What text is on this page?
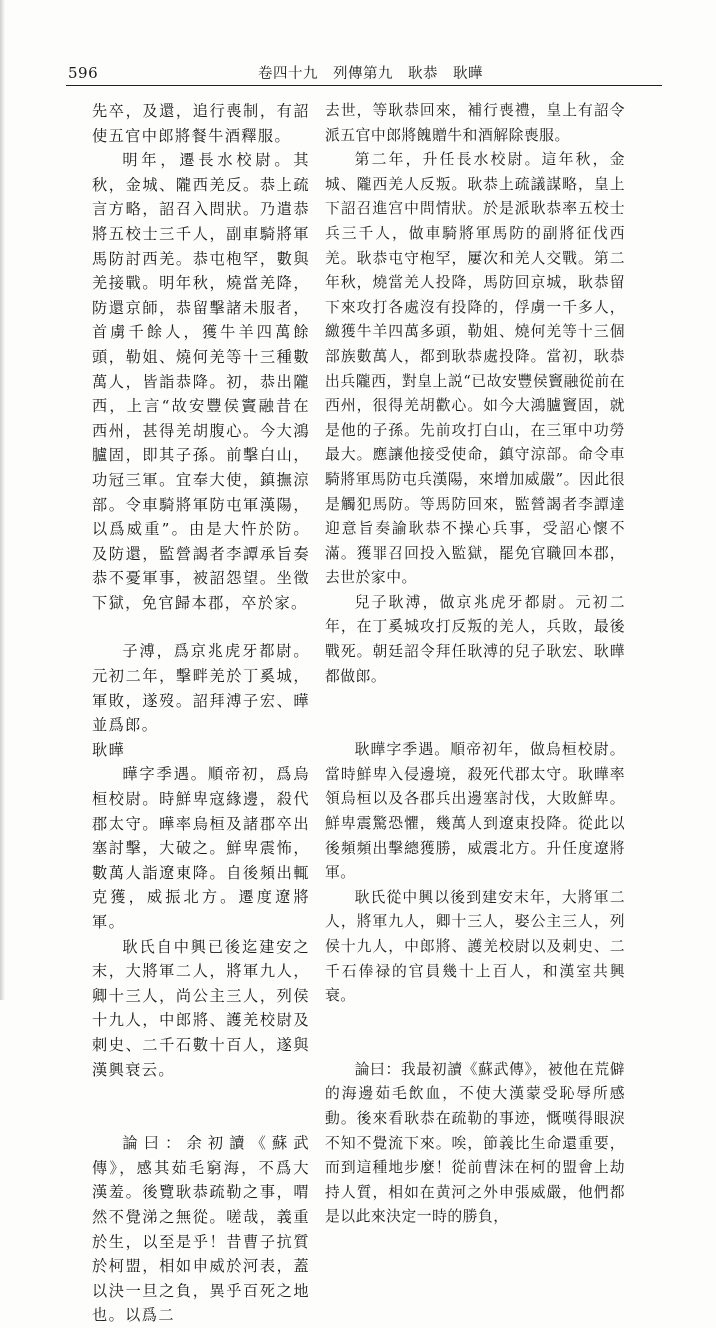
596	卷四十九　列傳第九　耿恭　耿曄

先卒，及還，追行喪制，有詔使五官中郎將餐牛酒釋服。

明年，遷長水校尉。其秋，金城、隴西羌反。恭上疏言方略，詔召入問狀。乃遣恭將五校士三千人，副車騎將軍馬防討西羌。恭屯枹罕，數與羌接戰。明年秋，燒當羌降，防還京師，恭留擊諸未服者，首虜千餘人，獲牛羊四萬餘頭，勒姐、燒何羌等十三種數萬人，皆詣恭降。初，恭出隴西，上言“故安豐侯竇融昔在西州，甚得羌胡腹心。今大鴻臚固，即其子孫。前擊白山，功冠三軍。宜奉大使，鎮撫涼部。令車騎將軍防屯軍漢陽，以爲威重”。由是大忤於防。及防還，監營謁者李譚承旨奏恭不憂軍事，被詔怨望。坐徵下獄，免官歸本郡，卒於家。

子溥，爲京兆虎牙都尉。元初二年，擊畔羌於丁奚城，軍敗，遂歿。詔拜溥子宏、曄並爲郎。

耿曄

曄字季遇。順帝初，爲烏桓校尉。時鮮卑寇緣邊，殺代郡太守。曄率烏桓及諸郡卒出塞討擊，大破之。鮮卑震怖，數萬人詣遼東降。自後頻出輒克獲，威振北方。遷度遼將軍。

耿氏自中興已後迄建安之末，大將軍二人，將軍九人，卿十三人，尚公主三人，列侯十九人，中郎將、護羌校尉及刺史、二千石數十百人，遂與漢興衰云。

論曰：余初讀《蘇武傳》，感其茹毛窮海，不爲大漢羞。後覽耿恭疏勒之事，喟然不覺涕之無從。嗟哉，義重於生，以至是乎！昔曹子抗質於柯盟，相如申威於河表，蓋以決一旦之負，異乎百死之地也。以爲二

去世，等耿恭回來，補行喪禮，皇上有詔令派五官中郎將餽贈牛和酒解除喪服。

第二年，升任長水校尉。這年秋，金城、隴西羌人反叛。耿恭上疏議謀略，皇上下詔召進宫中問情狀。於是派耿恭率五校士兵三千人，做車騎將軍馬防的副將征伐西羌。耿恭屯守枹罕，屢次和羌人交戰。第二年秋，燒當羌人投降，馬防回京城，耿恭留下來攻打各處沒有投降的，俘虜一千多人，繳獲牛羊四萬多頭，勒姐、燒何羌等十三個部族數萬人，都到耿恭處投降。當初，耿恭出兵隴西，對皇上説“已故安豐侯竇融從前在西州，很得羌胡歡心。如今大鴻臚竇固，就是他的子孫。先前攻打白山，在三軍中功勞最大。應讓他接受使命，鎮守涼部。命令車騎將軍馬防屯兵漢陽，來增加威嚴”。因此很是觸犯馬防。等馬防回來，監營謁者李譚達迎意旨奏諭耿恭不操心兵事，受詔心懷不滿。獲罪召回投入監獄，罷免官職回本郡，去世於家中。

兒子耿溥，做京兆虎牙都尉。元初二年，在丁奚城攻打反叛的羌人，兵敗，最後戰死。朝廷詔令拜任耿溥的兒子耿宏、耿曄都做郎。

耿曄字季遇。順帝初年，做烏桓校尉。當時鮮卑入侵邊境，殺死代郡太守。耿曄率領烏桓以及各郡兵出邊塞討伐，大敗鮮卑。鮮卑震驚恐懼，幾萬人到遼東投降。從此以後頻頻出擊總獲勝，威震北方。升任度遼將軍。

耿氏從中興以後到建安末年，大將軍二人，將軍九人，卿十三人，娶公主三人，列侯十九人，中郎將、護羌校尉以及刺史、二千石俸禄的官員幾十上百人，和漢室共興衰。

論曰：我最初讀《蘇武傳》，被他在荒僻的海邊茹毛飲血，不使大漢蒙受恥辱所感動。後來看耿恭在疏勒的事迹，慨嘆得眼淚不知不覺流下來。唉，節義比生命還重要，而到這種地步麼！從前曹沫在柯的盟會上劫持人質，相如在黄河之外申張威嚴，他們都是以此來決定一時的勝負，
